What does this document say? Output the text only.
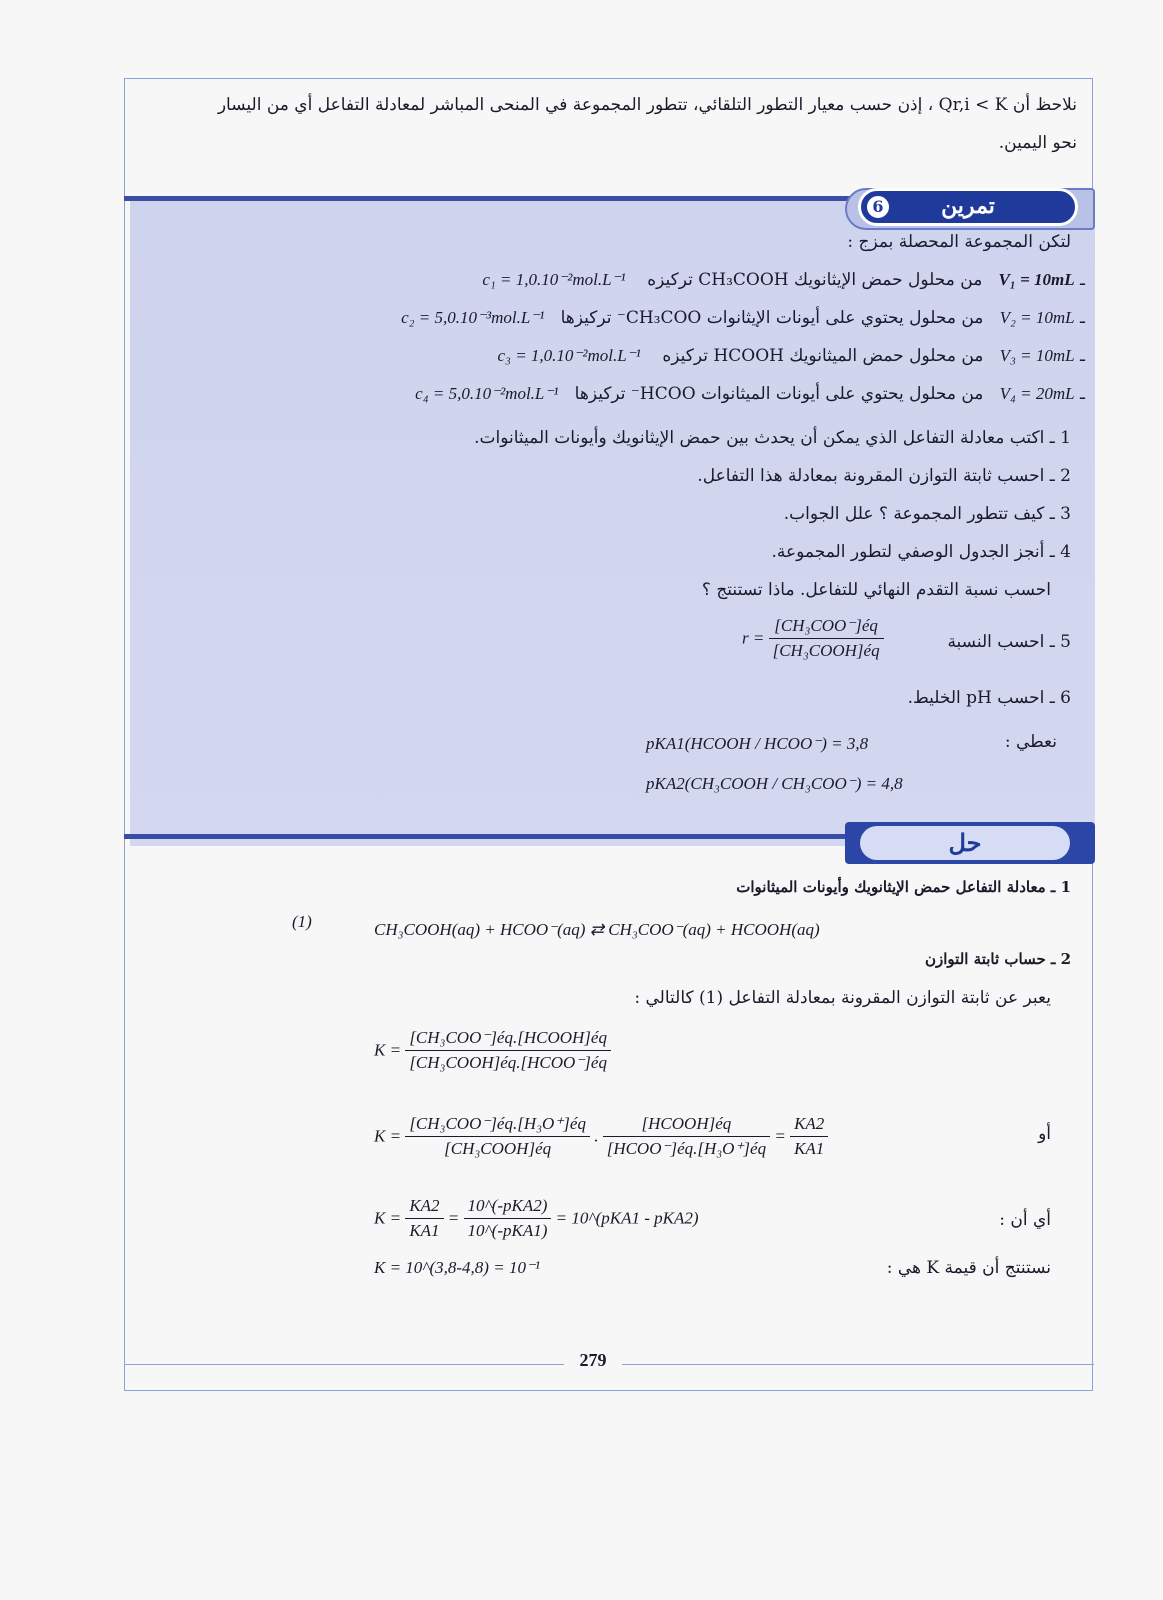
نلاحظ أن Qr,i < K ، إذن حسب معيار التطور التلقائي، تتطور المجموعة في المنحى المباشر لمعادلة التفاعل أي من اليسار
نحو اليمين.
تمرين
6
لتكن المجموعة المحصلة بمزج :
ـ V₁ = 10mL   من محلول حمض الإيثانويك CH₃COOH تركيزه    c₁ = 1,0.10⁻²mol.L⁻¹
ـ V₂ = 10mL   من محلول يحتوي على أيونات الإيثانوات CH₃COO⁻ تركيزها   c₂ = 5,0.10⁻³mol.L⁻¹
ـ V₃ = 10mL   من محلول حمض الميثانويك HCOOH تركيزه    c₃ = 1,0.10⁻²mol.L⁻¹
ـ V₄ = 20mL   من محلول يحتوي على أيونات الميثانوات HCOO⁻ تركيزها   c₄ = 5,0.10⁻²mol.L⁻¹
1 ـ اكتب معادلة التفاعل الذي يمكن أن يحدث بين حمض الإيثانويك وأيونات الميثانوات.
2 ـ احسب ثابتة التوازن المقرونة بمعادلة هذا التفاعل.
3 ـ كيف تتطور المجموعة ؟ علل الجواب.
4 ـ أنجز الجدول الوصفي لتطور المجموعة.
احسب نسبة التقدم النهائي للتفاعل. ماذا تستنتج ؟
5 ـ احسب النسبة
$r = \frac{\text{[CH₃COO⁻]éq}}{\text{[CH₃COOH]éq}}$
6 ـ احسب pH الخليط.
نعطي :
pKA1(HCOOH / HCOO⁻) = 3,8
pKA2(CH₃COOH / CH₃COO⁻) = 4,8
حل
1 ـ معادلة التفاعل حمض الإيثانويك وأيونات الميثانوات
(1)	CH₃COOH(aq) + HCOO⁻(aq) ⇄ CH₃COO⁻(aq) + HCOOH(aq)
2 ـ حساب ثابتة التوازن
يعبر عن ثابتة التوازن المقرونة بمعادلة التفاعل (1) كالتالي :
$K = \frac{\text{[CH₃COO⁻]éq.[HCOOH]éq}}{\text{[CH₃COOH]éq.[HCOO⁻]éq}}$
أو
$K = \frac{\text{[CH₃COO⁻]éq.[H₃O⁺]éq}}{\text{[CH₃COOH]éq}}$ . $\frac{\text{[HCOOH]éq}}{\text{[HCOO⁻]éq.[H₃O⁺]éq}} = \frac{KA2}{KA1}$
أي أن :
$K = \frac{KA2}{KA1} = \frac{\text{10\textasciicircum{}(-pKA2)}}{\text{10\textasciicircum{}(-pKA1)}}$ = 10^(pKA1 - pKA2)
نستنتج أن قيمة K هي :
K = 10^(3,8-4,8) = 10⁻¹
279
